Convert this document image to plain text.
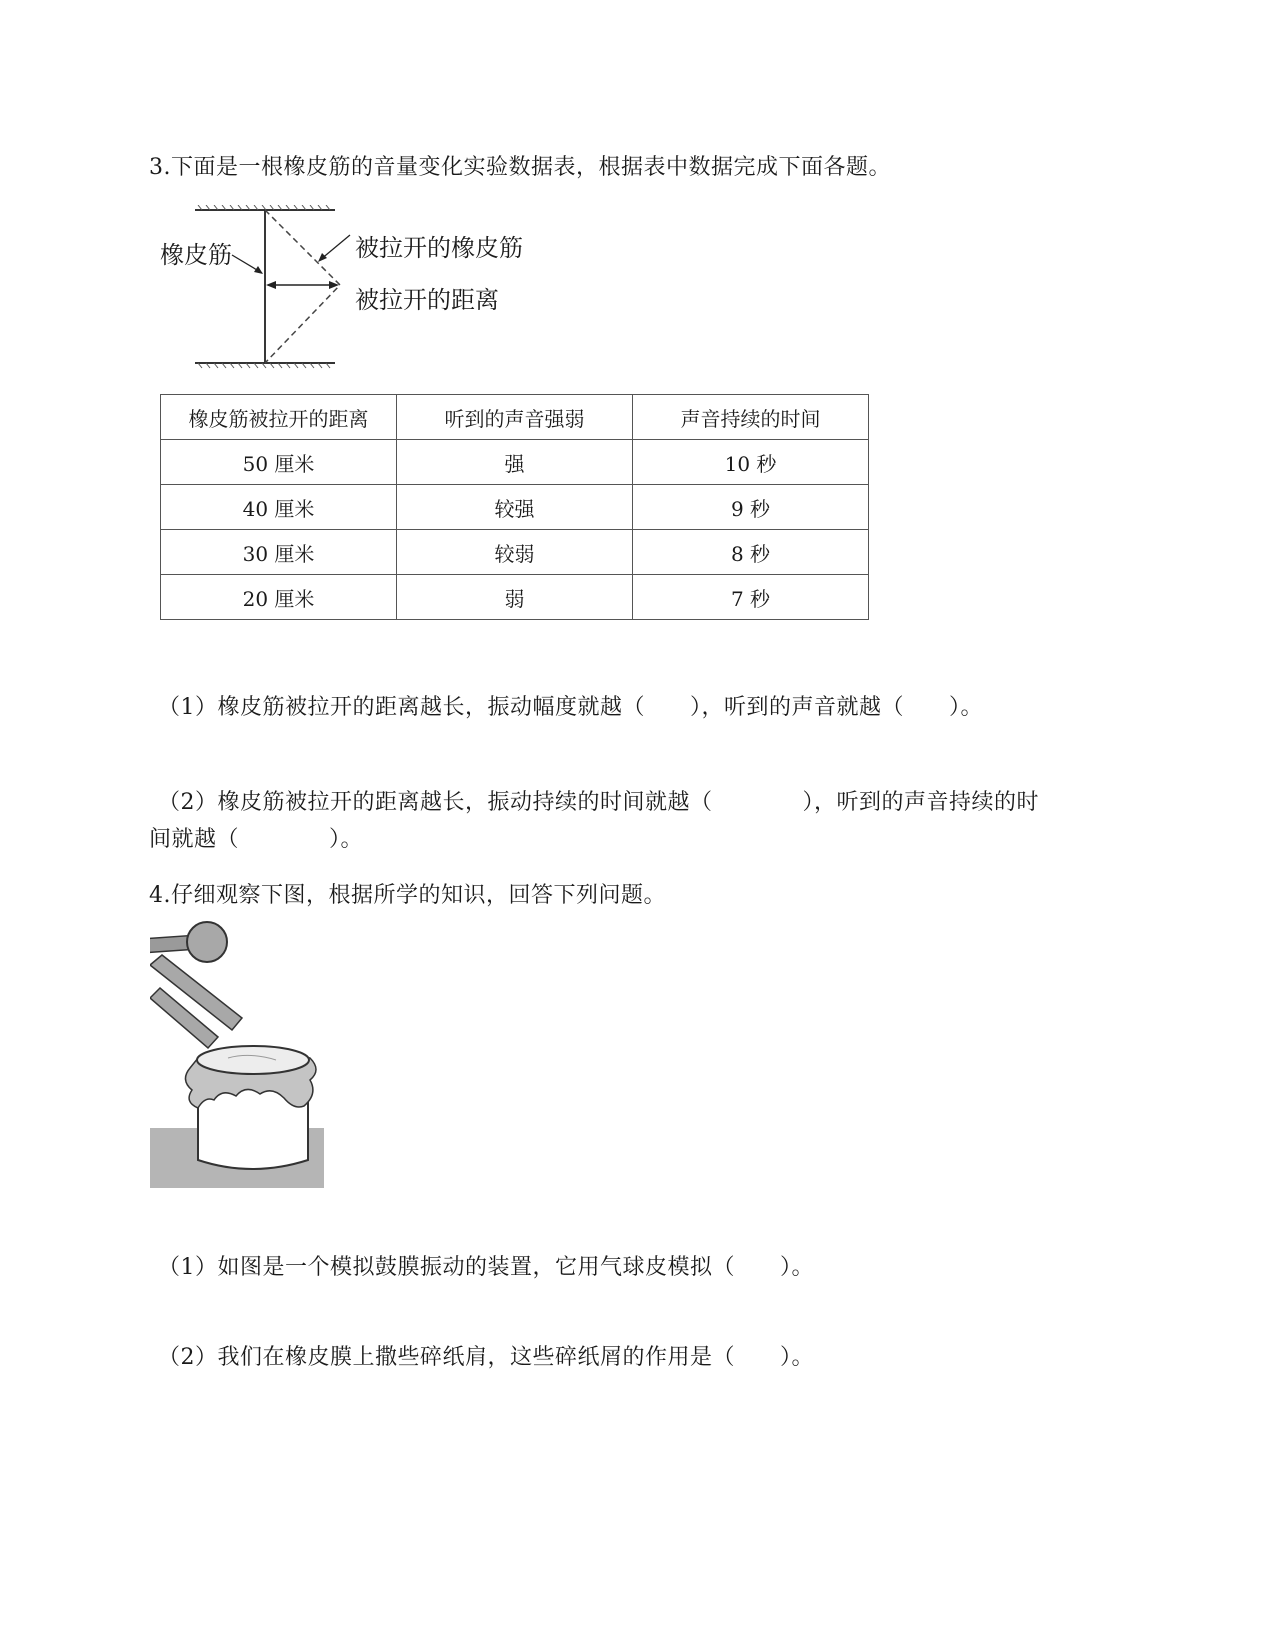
3.下面是一根橡皮筋的音量变化实验数据表，根据表中数据完成下面各题。
橡皮筋	被拉开的橡皮筋
被拉开的距离
橡皮筋被拉开的距离	听到的声音强弱	声音持续的时间
50 厘米	强	10 秒
40 厘米	较强	9 秒
30 厘米	较弱	8 秒
20 厘米	弱	7 秒
（1）橡皮筋被拉开的距离越长，振动幅度就越（　　），听到的声音就越（　　）。
（2）橡皮筋被拉开的距离越长，振动持续的时间就越（　　　　），听到的声音持续的时
间就越（　　　　）。
4.仔细观察下图，根据所学的知识，回答下列问题。
（1）如图是一个模拟鼓膜振动的装置，它用气球皮模拟（　　）。
（2）我们在橡皮膜上撒些碎纸肩，这些碎纸屑的作用是（　　）。
